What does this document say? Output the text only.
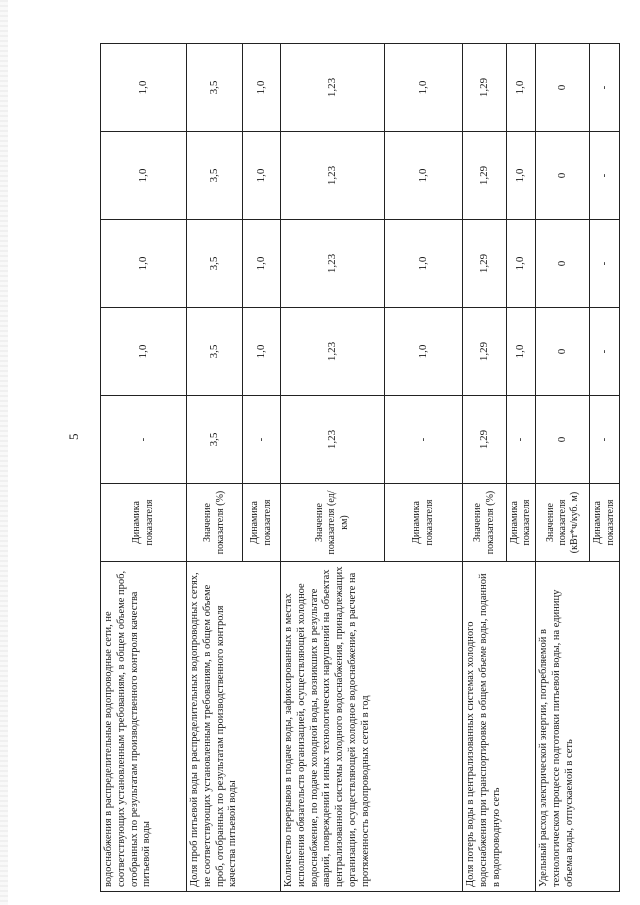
5
водоснабжения в распределительные водопроводные сети, не соответствующих установленным требованиям, в общем объеме проб, отобранных по результатам производственного контроля качества питьевой воды	Динамика показателя	-	1,0	1,0	1,0	1,0
Доля проб питьевой воды в распределительных водопроводных сетях, не соответствующих установленным требованиям, в общем объеме проб, отобранных по результатам производственного контроля качества питьевой воды	Значение показателя (%)	3,5	3,5	3,5	3,5	3,5
	Динамика показателя	-	1,0	1,0	1,0	1,0
Количество перерывов в подаче воды, зафиксированных в местах исполнения обязательств организацией, осуществляющей холодное водоснабжение, по подаче холодной воды, возникших в результате аварий, повреждений и иных технологических нарушений на объектах централизованной системы холодного водоснабжения, принадлежащих организации, осуществляющей холодное водоснабжение, в расчете на протяженность водопроводных сетей в год	Значение показателя (ед/км)	1,23	1,23	1,23	1,23	1,23
	Динамика показателя	-	1,0	1,0	1,0	1,0
Доля потерь воды в централизованных системах холодного водоснабжения при транспортировке в общем объеме воды, поданной в водопроводную сеть	Значение показателя (%)	1,29	1,29	1,29	1,29	1,29
	Динамика показателя	-	1,0	1,0	1,0	1,0
Удельный расход электрической энергии, потребляемой в технологическом процессе подготовки питьевой воды, на единицу объема воды, отпускаемой в сеть	Значение показателя (кВт*ч/куб. м)	0	0	0	0	0
	Динамика показателя	-	-	-	-	-
